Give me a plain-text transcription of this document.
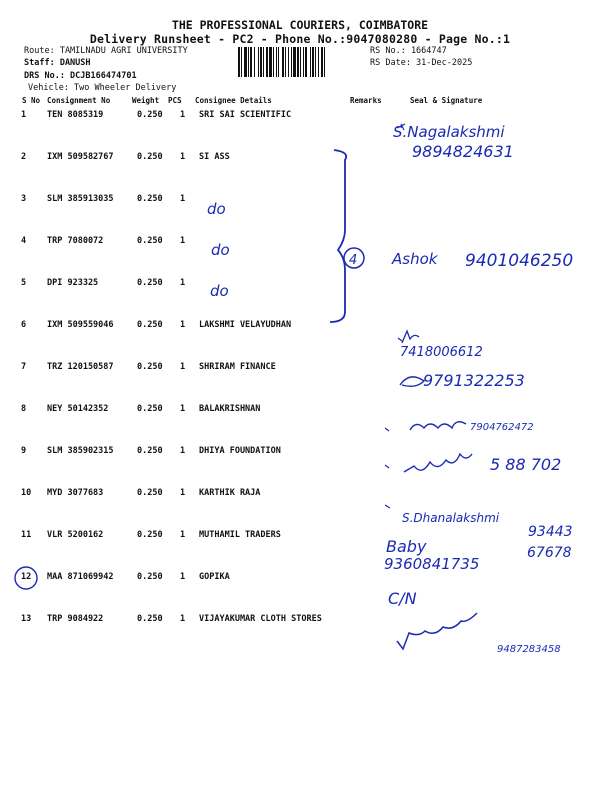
THE PROFESSIONAL COURIERS, COIMBATORE
Delivery Runsheet - PC2 - Phone No.:9047080280 - Page No.:1
Route: TAMILNADU AGRI UNIVERSITY
Staff: DANUSH
DRS No.: DCJB166474701
Vehicle: Two Wheeler Delivery
RS No.: 1664747
RS Date: 31-Dec-2025
S No Consignment No	Weight PCS Consignee Details	Remarks	Seal & Signature
1 TEN 8085319	0.250 1 SRI SAI SCIENTIFIC
2 IXM 509582767	0.250 1 SI ASS
3 SLM 385913035	0.250 1
4 TRP 7080072	0.250 1
5 DPI 923325	0.250 1
6 IXM 509559046	0.250 1 LAKSHMI VELAYUDHAN
7 TRZ 120150587	0.250 1 SHRIRAM FINANCE
8 NEY 50142352	0.250 1 BALAKRISHNAN
9 SLM 385902315	0.250 1 DHIYA FOUNDATION
10 MYD 3077683	0.250 1 KARTHIK RAJA
11 VLR 5200162	0.250 1 MUTHAMIL TRADERS
12 MAA 871069942	0.250 1 GOPIKA
13 TRP 9084922	0.250 1 VIJAYAKUMAR CLOTH STORES
do
do
do
4
S.Nagalakshmi
9894824631
Ashok 9401046250
7418006612
9791322253
7904762472
5 88 702
S.Dhanalakshmi
93443
67678
Baby
9360841735
C/N
9487283458
